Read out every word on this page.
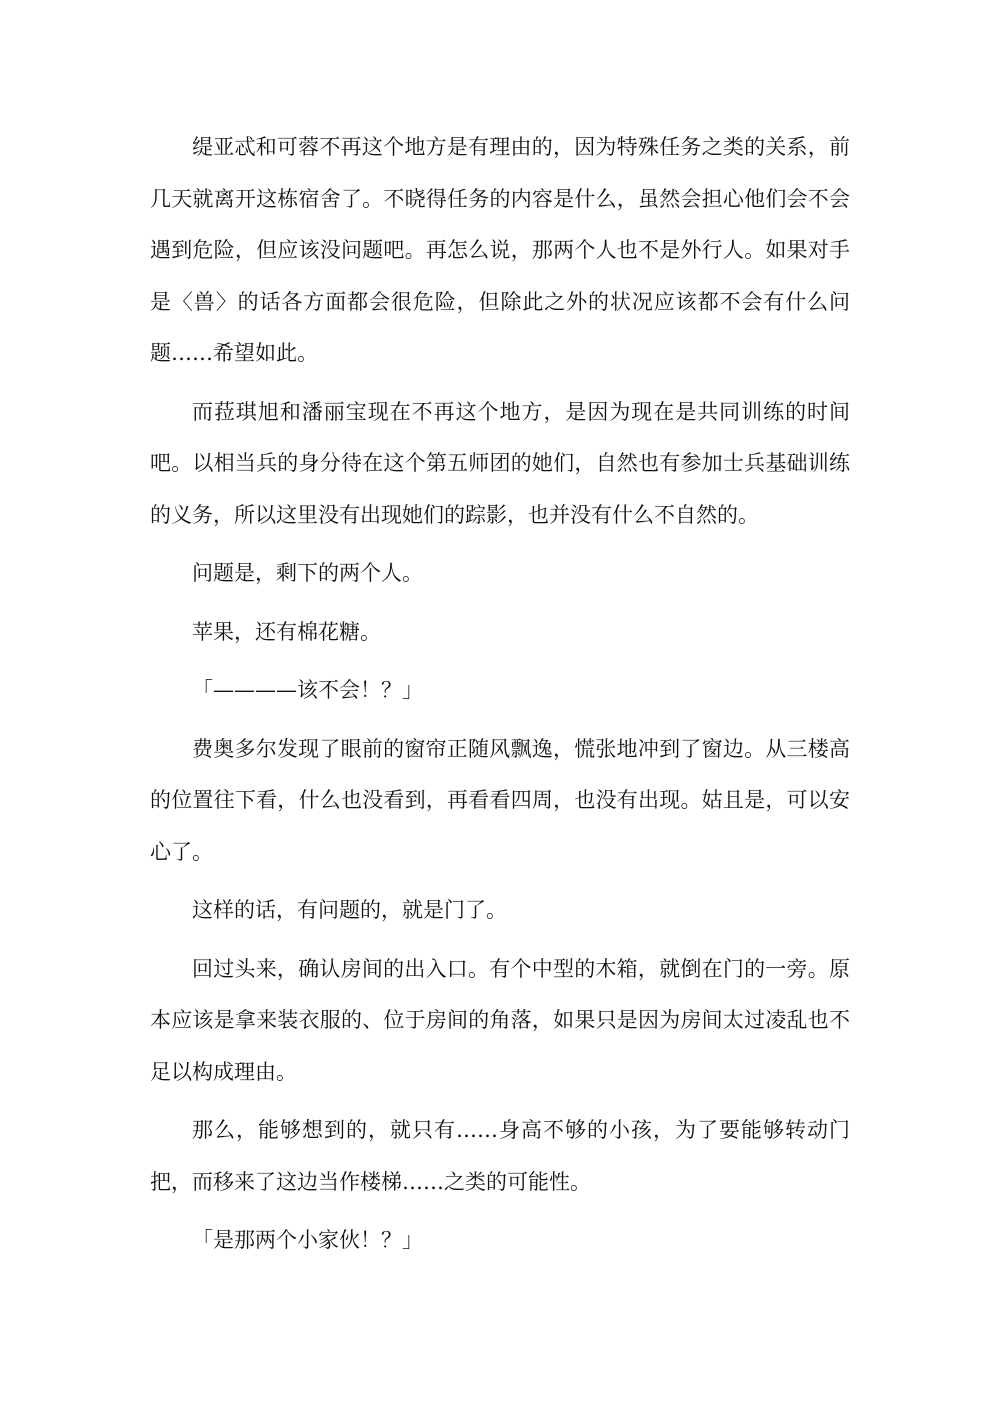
缇亚忒和可蓉不再这个地方是有理由的，因为特殊任务之类的关系，前几天就离开这栋宿舍了。不晓得任务的内容是什么，虽然会担心他们会不会遇到危险，但应该没问题吧。再怎么说，那两个人也不是外行人。如果对手是〈兽〉的话各方面都会很危险，但除此之外的状况应该都不会有什么问题……希望如此。

而菈琪旭和潘丽宝现在不再这个地方，是因为现在是共同训练的时间吧。以相当兵的身分待在这个第五师团的她们，自然也有参加士兵基础训练的义务，所以这里没有出现她们的踪影，也并没有什么不自然的。

问题是，剩下的两个人。

苹果，还有棉花糖。

「————该不会！？」

费奥多尔发现了眼前的窗帘正随风飘逸，慌张地冲到了窗边。从三楼高的位置往下看，什么也没看到，再看看四周，也没有出现。姑且是，可以安心了。

这样的话，有问题的，就是门了。

回过头来，确认房间的出入口。有个中型的木箱，就倒在门的一旁。原本应该是拿来装衣服的、位于房间的角落，如果只是因为房间太过凌乱也不足以构成理由。

那么，能够想到的，就只有……身高不够的小孩，为了要能够转动门把，而移来了这边当作楼梯……之类的可能性。

「是那两个小家伙！？」
